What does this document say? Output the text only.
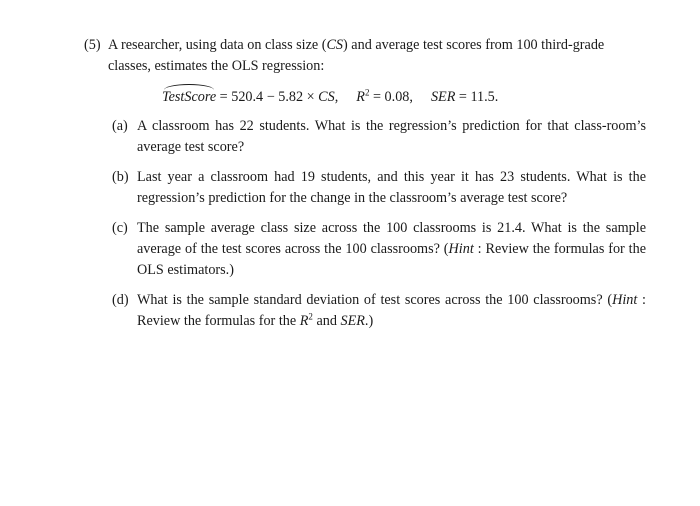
(5) A researcher, using data on class size (CS) and average test scores from 100 third-grade
classes, estimates the OLS regression:
TestScore = 520.4 − 5.82 × CS, $R^2 = 0.08$, SER = 11.5.
(a) A classroom has 22 students. What is the regression’s prediction for that class-room’s average test score?
(b) Last year a classroom had 19 students, and this year it has 23 students. What is the regression’s prediction for the change in the classroom’s average test score?
(c) The sample average class size across the 100 classrooms is 21.4. What is the sample average of the test scores across the 100 classrooms? (Hint : Review the formulas for the OLS estimators.)
(d) What is the sample standard deviation of test scores across the 100 classrooms? (Hint : Review the formulas for the $R^2$ and SER.)
